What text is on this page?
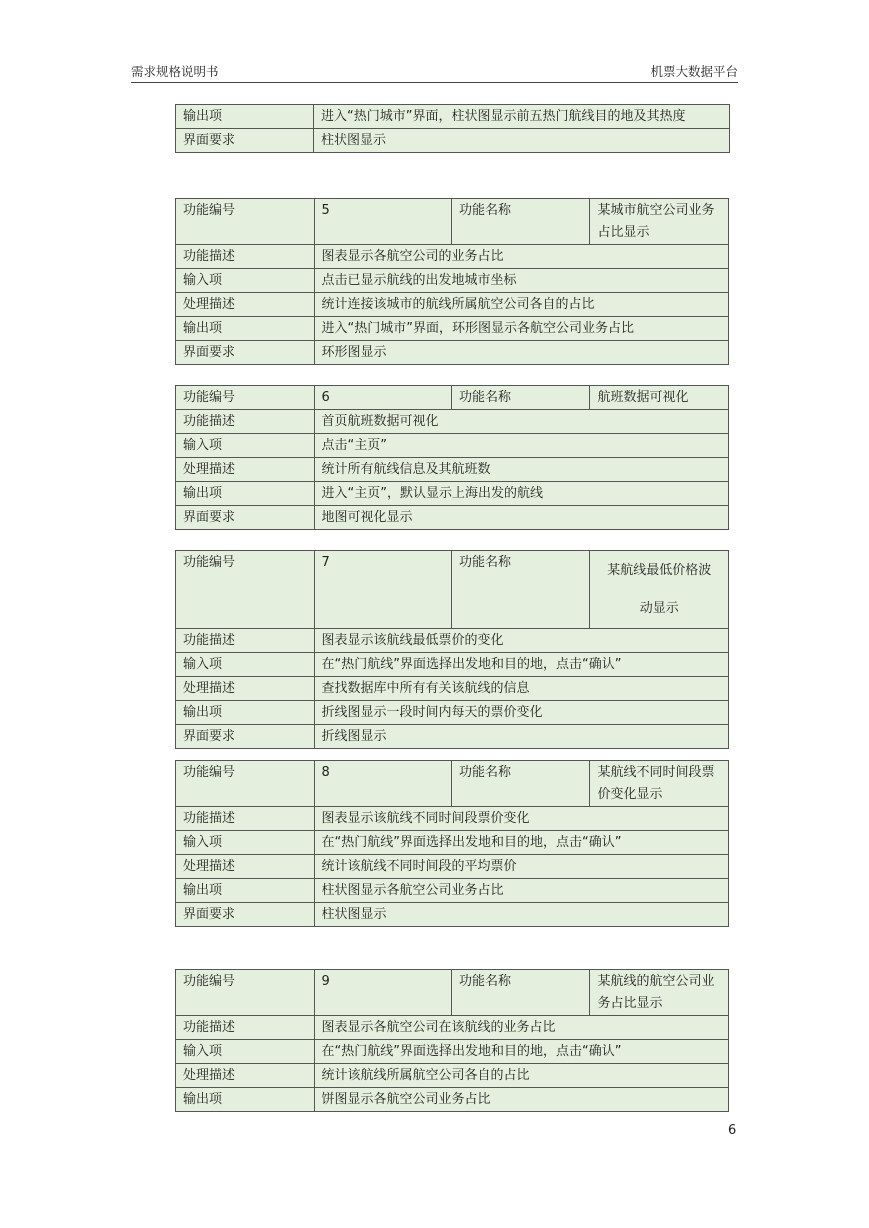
需求规格说明书	机票大数据平台
输出项	进入“热门城市”界面，柱状图显示前五热门航线目的地及其热度
界面要求	柱状图显示
功能编号	5	功能名称	某城市航空公司业务占比显示
功能描述	图表显示各航空公司的业务占比		
输入项	点击已显示航线的出发地城市坐标		
处理描述	统计连接该城市的航线所属航空公司各自的占比		
输出项	进入“热门城市”界面，环形图显示各航空公司业务占比		
界面要求	环形图显示		
功能编号	6	功能名称	航班数据可视化
功能描述	首页航班数据可视化		
输入项	点击“主页”		
处理描述	统计所有航线信息及其航班数		
输出项	进入“主页”，默认显示上海出发的航线		
界面要求	地图可视化显示		
功能编号	7	功能名称	某航线最低价格波
动显示

功能描述	图表显示该航线最低票价的变化		
输入项	在“热门航线”界面选择出发地和目的地，点击“确认”		
处理描述	查找数据库中所有有关该航线的信息		
输出项	折线图显示一段时间内每天的票价变化		
界面要求	折线图显示		
功能编号	8	功能名称	某航线不同时间段票价变化显示
功能描述	图表显示该航线不同时间段票价变化		
输入项	在“热门航线”界面选择出发地和目的地，点击“确认”		
处理描述	统计该航线不同时间段的平均票价		
输出项	柱状图显示各航空公司业务占比		
界面要求	柱状图显示		
功能编号	9	功能名称	某航线的航空公司业务占比显示
功能描述	图表显示各航空公司在该航线的业务占比		
输入项	在“热门航线”界面选择出发地和目的地，点击“确认”		
处理描述	统计该航线所属航空公司各自的占比		
输出项	饼图显示各航空公司业务占比		
6
